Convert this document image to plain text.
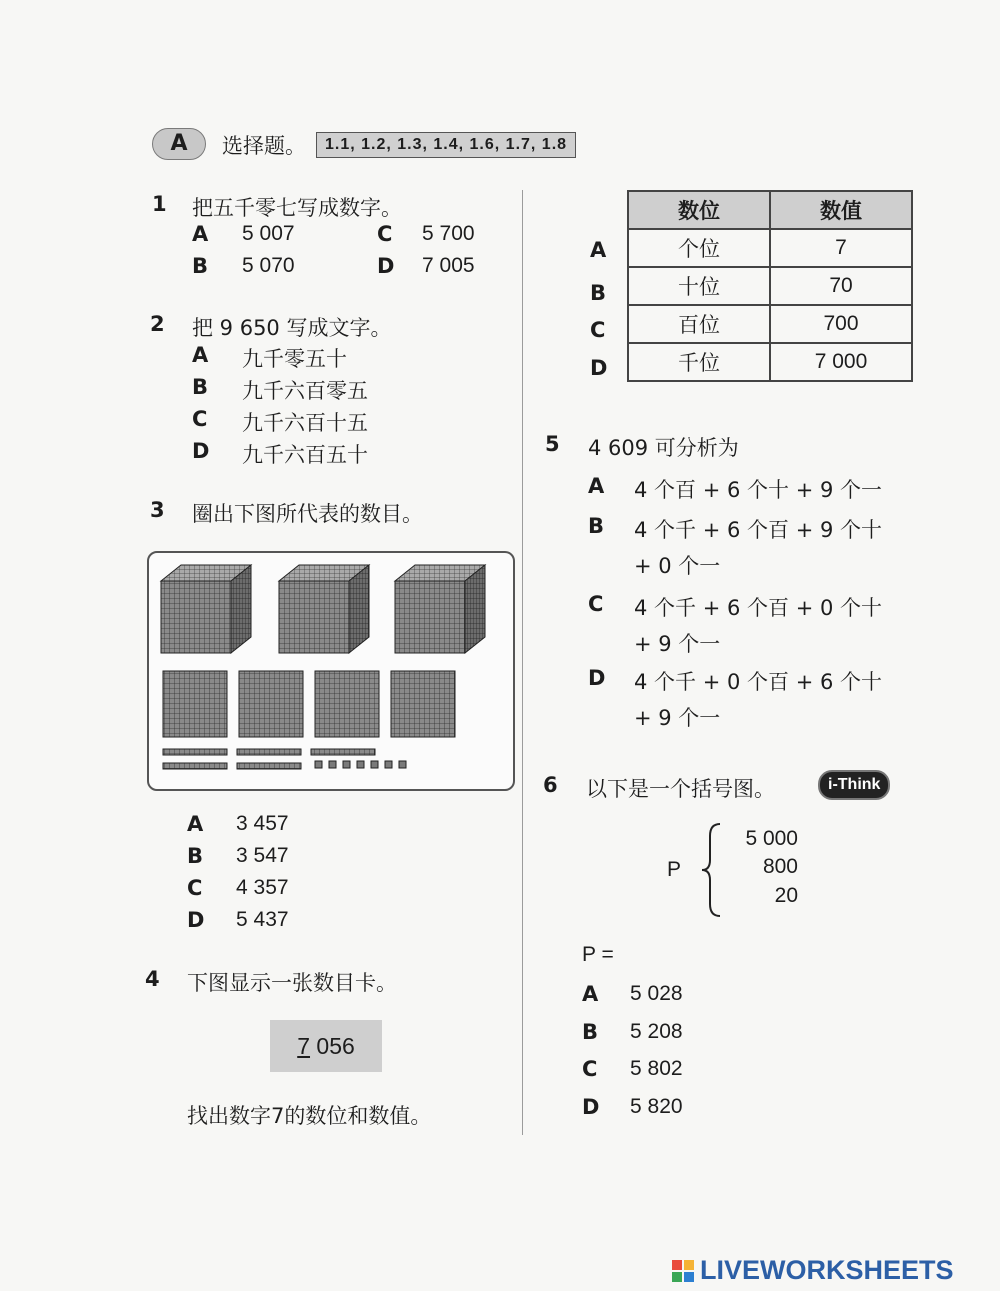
A	选择题。	1.1, 1.2, 1.3, 1.4, 1.6, 1.7, 1.8
1 把五千零七写成数字。
A 5 007
B 5 070
C 5 700
D 7 005
2 把 9 650 写成文字。
A 九千零五十
B 九千六百零五
C 九千六百十五
D 九千六百五十
3 圈出下图所代表的数目。
A 3 457
B 3 547
C 4 357
D 5 437
4 下图显示一张数目卡。
7 056
找出数字7的数位和数值。
数位	数值
个位	7
十位	70
百位	700
千位	7 000
A
B
C
D
5 4 609 可分析为
A 4 个百 + 6 个十 + 9 个一
B 4 个千 + 6 个百 + 9 个十
+ 0 个一
C 4 个千 + 6 个百 + 0 个十
+ 9 个一
D 4 个千 + 0 个百 + 6 个十
+ 9 个一
6 以下是一个括号图。	i-Think
P
5 000
800
20
P =
A 5 028
B 5 208
C 5 802
D 5 820
LIVEWORKSHEETS
